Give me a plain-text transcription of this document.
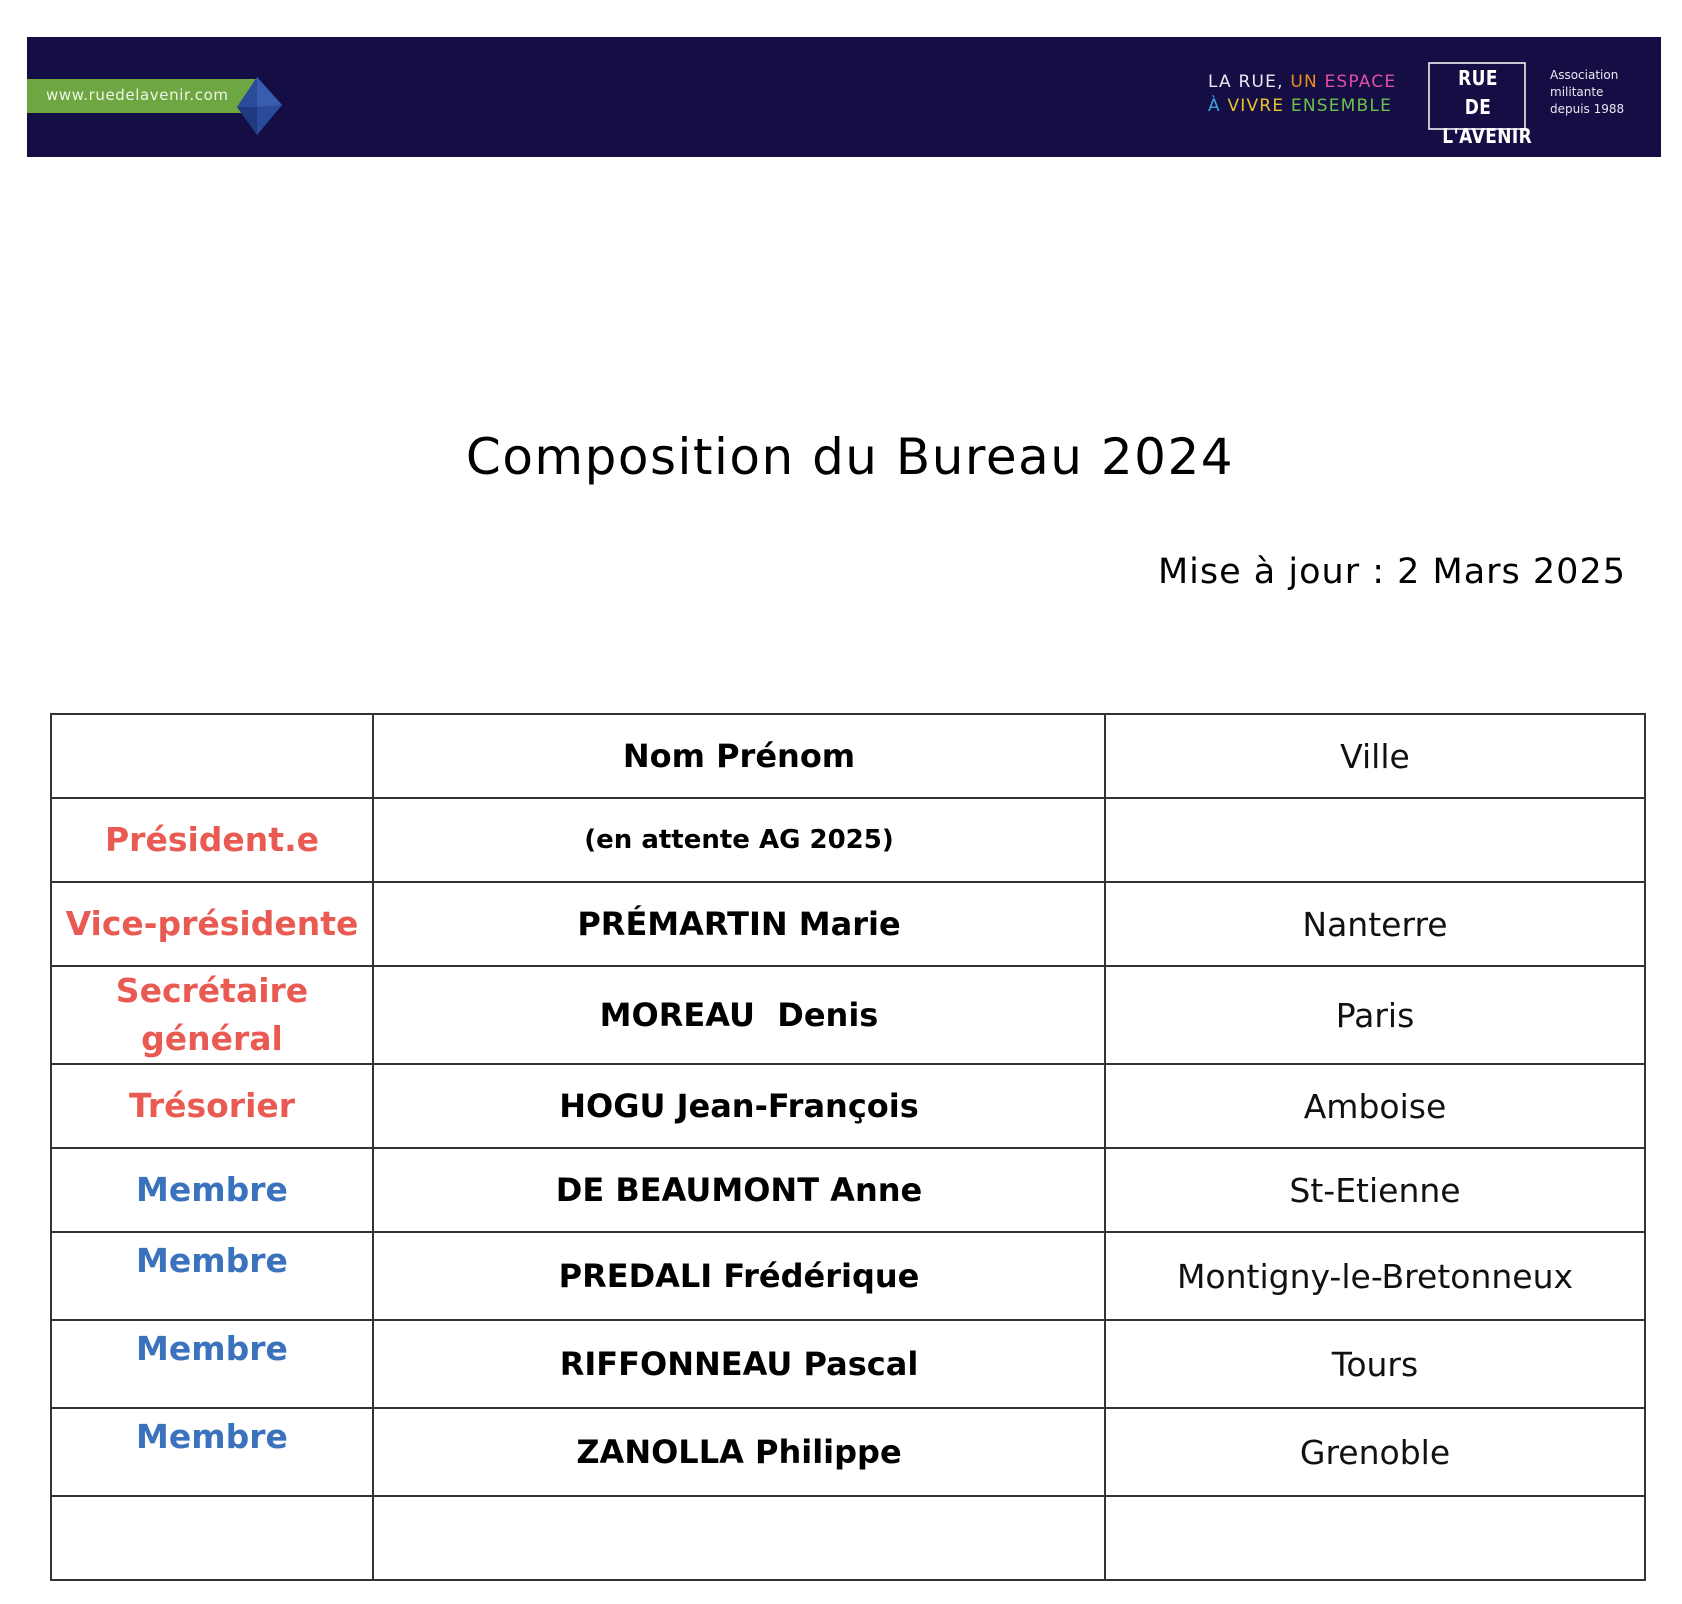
www.ruedelavenir.com
LA RUE, UN ESPACE
À VIVRE ENSEMBLE
RUE DE
L'AVENIR
Association
militante
depuis 1988
Composition du Bureau 2024
Mise à jour : 2 Mars 2025
	Nom Prénom	Ville
Président.e	(en attente AG 2025)	
Vice-présidente	PRÉMARTIN Marie	Nanterre

Secrétaire
général	MOREAU  Denis	Paris
Trésorier	HOGU Jean-François	Amboise
Membre	DE BEAUMONT Anne	St-Etienne
Membre	PREDALI Frédérique	Montigny-le-Bretonneux
Membre	RIFFONNEAU Pascal	Tours
Membre	ZANOLLA Philippe	Grenoble
